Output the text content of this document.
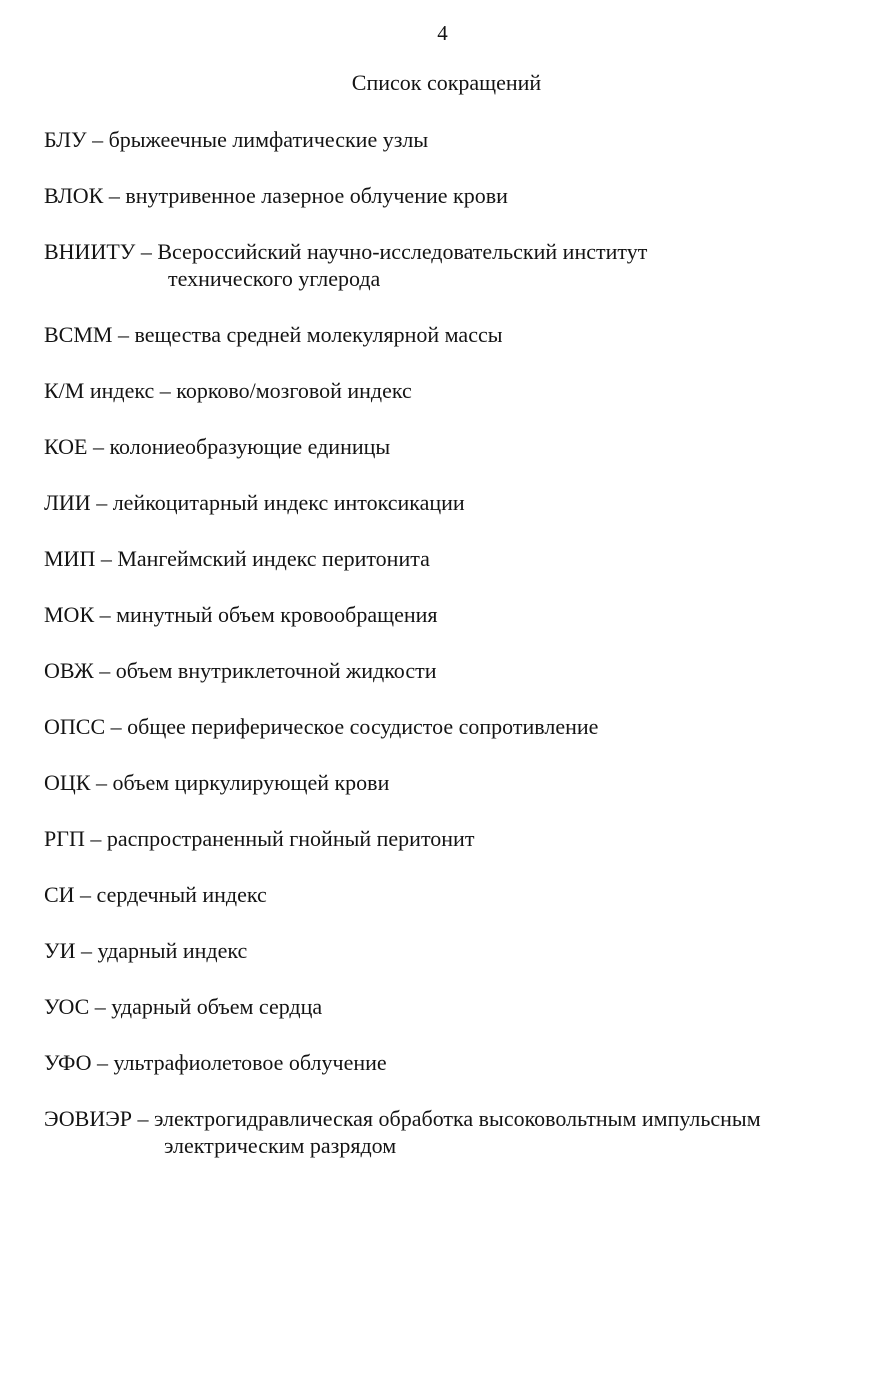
4
Список сокращений
БЛУ – брыжеечные лимфатические узлы
ВЛОК – внутривенное лазерное облучение крови
ВНИИТУ – Всероссийский научно-исследовательский институт
технического углерода
ВСММ – вещества средней молекулярной массы
К/М индекс – корково/мозговой индекс
КОЕ – колониеобразующие единицы
ЛИИ – лейкоцитарный индекс интоксикации
МИП – Мангеймский индекс перитонита
МОК – минутный объем кровообращения
ОВЖ – объем внутриклеточной жидкости
ОПСС – общее периферическое сосудистое сопротивление
ОЦК – объем циркулирующей крови
РГП – распространенный гнойный перитонит
СИ – сердечный индекс
УИ – ударный индекс
УОС – ударный объем сердца
УФО – ультрафиолетовое облучение
ЭОВИЭР – электрогидравлическая обработка высоковольтным импульсным
электрическим разрядом
